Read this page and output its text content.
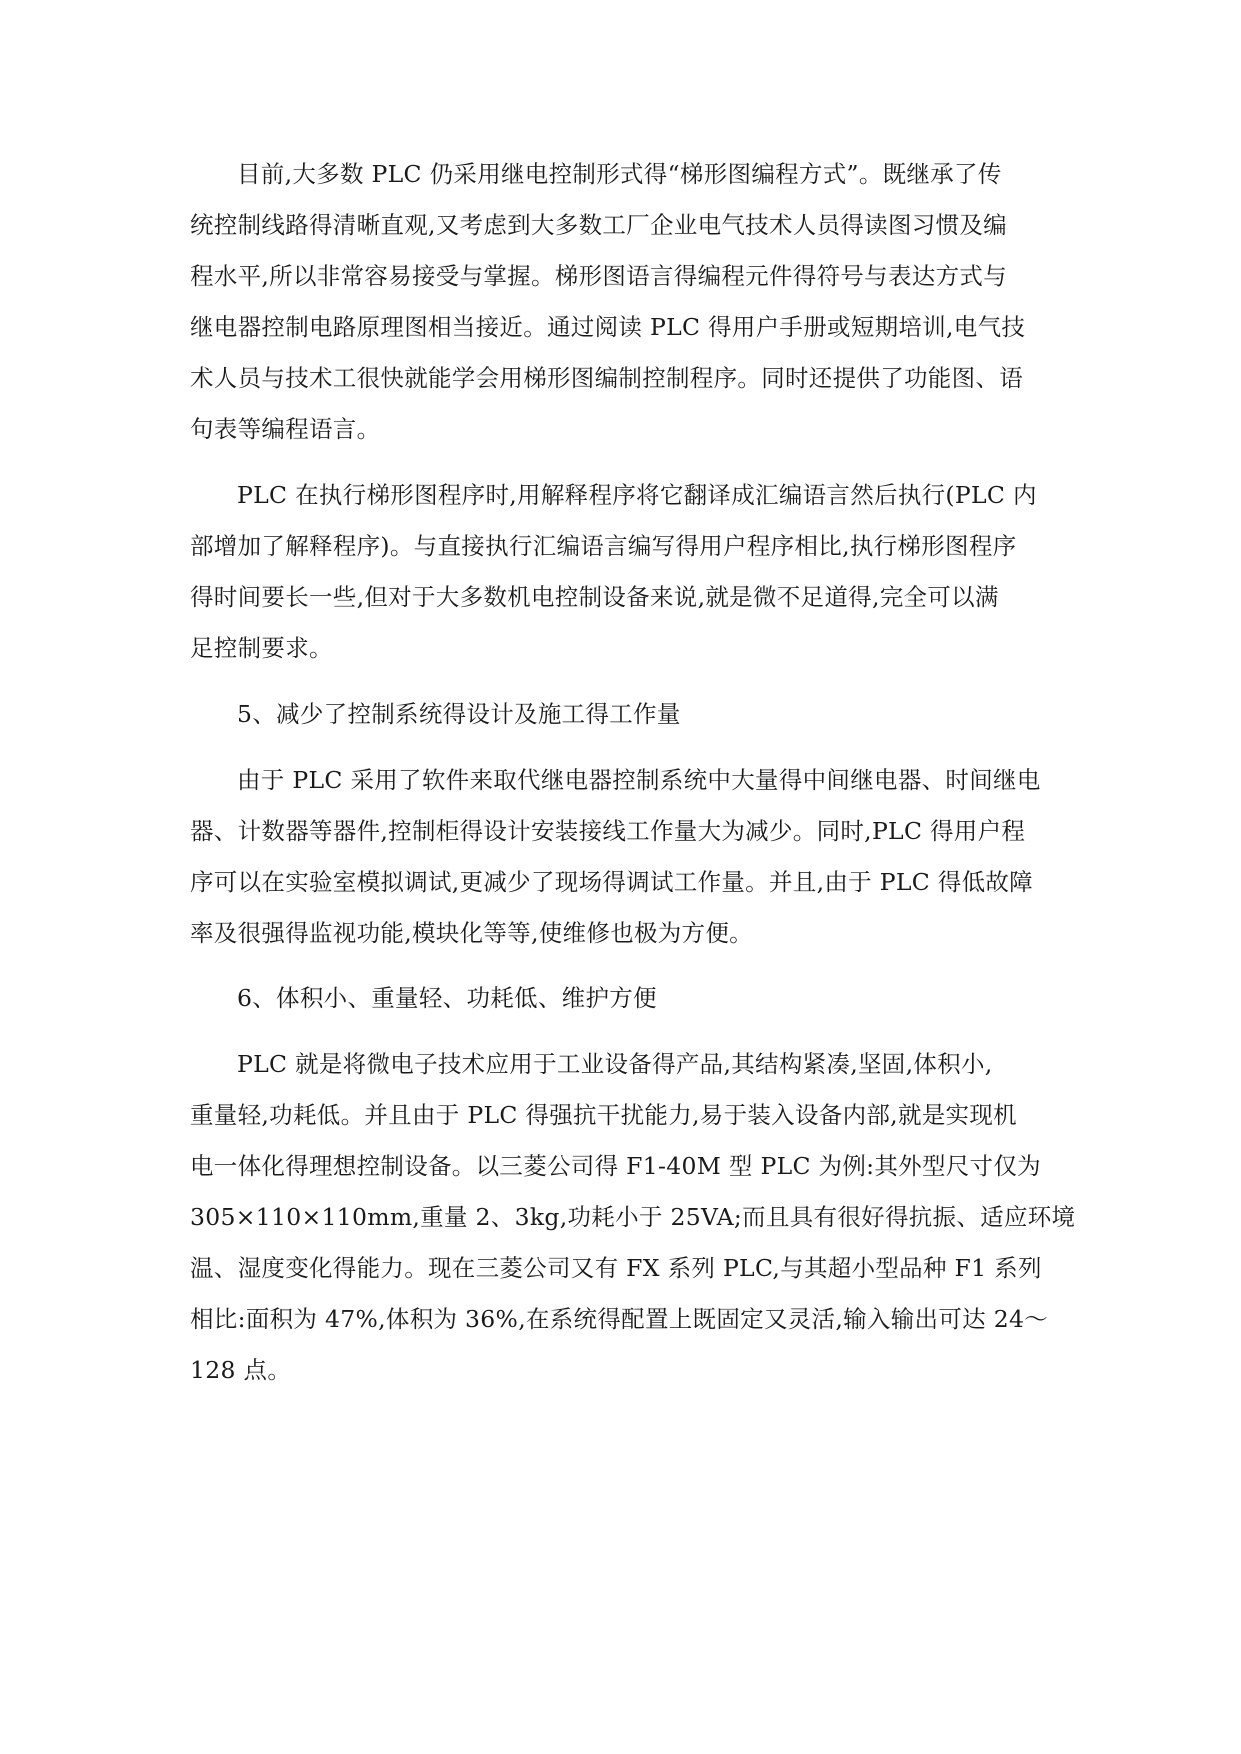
目前,大多数 PLC 仍采用继电控制形式得“梯形图编程方式”。既继承了传
统控制线路得清晰直观,又考虑到大多数工厂企业电气技术人员得读图习惯及编
程水平,所以非常容易接受与掌握。梯形图语言得编程元件得符号与表达方式与
继电器控制电路原理图相当接近。通过阅读 PLC 得用户手册或短期培训,电气技
术人员与技术工很快就能学会用梯形图编制控制程序。同时还提供了功能图、语
句表等编程语言。
PLC 在执行梯形图程序时,用解释程序将它翻译成汇编语言然后执行(PLC 内
部增加了解释程序)。与直接执行汇编语言编写得用户程序相比,执行梯形图程序
得时间要长一些,但对于大多数机电控制设备来说,就是微不足道得,完全可以满
足控制要求。
5、减少了控制系统得设计及施工得工作量
由于 PLC 采用了软件来取代继电器控制系统中大量得中间继电器、时间继电
器、计数器等器件,控制柜得设计安装接线工作量大为减少。同时,PLC 得用户程
序可以在实验室模拟调试,更减少了现场得调试工作量。并且,由于 PLC 得低故障
率及很强得监视功能,模块化等等,使维修也极为方便。
6、体积小、重量轻、功耗低、维护方便
PLC 就是将微电子技术应用于工业设备得产品,其结构紧凑,坚固,体积小,
重量轻,功耗低。并且由于 PLC 得强抗干扰能力,易于装入设备内部,就是实现机
电一体化得理想控制设备。以三菱公司得 F1-40M 型 PLC 为例:其外型尺寸仅为
305×110×110mm,重量 2、3kg,功耗小于 25VA;而且具有很好得抗振、适应环境
温、湿度变化得能力。现在三菱公司又有 FX 系列 PLC,与其超小型品种 F1 系列
相比:面积为 47%,体积为 36%,在系统得配置上既固定又灵活,输入输出可达 24～
128 点。
